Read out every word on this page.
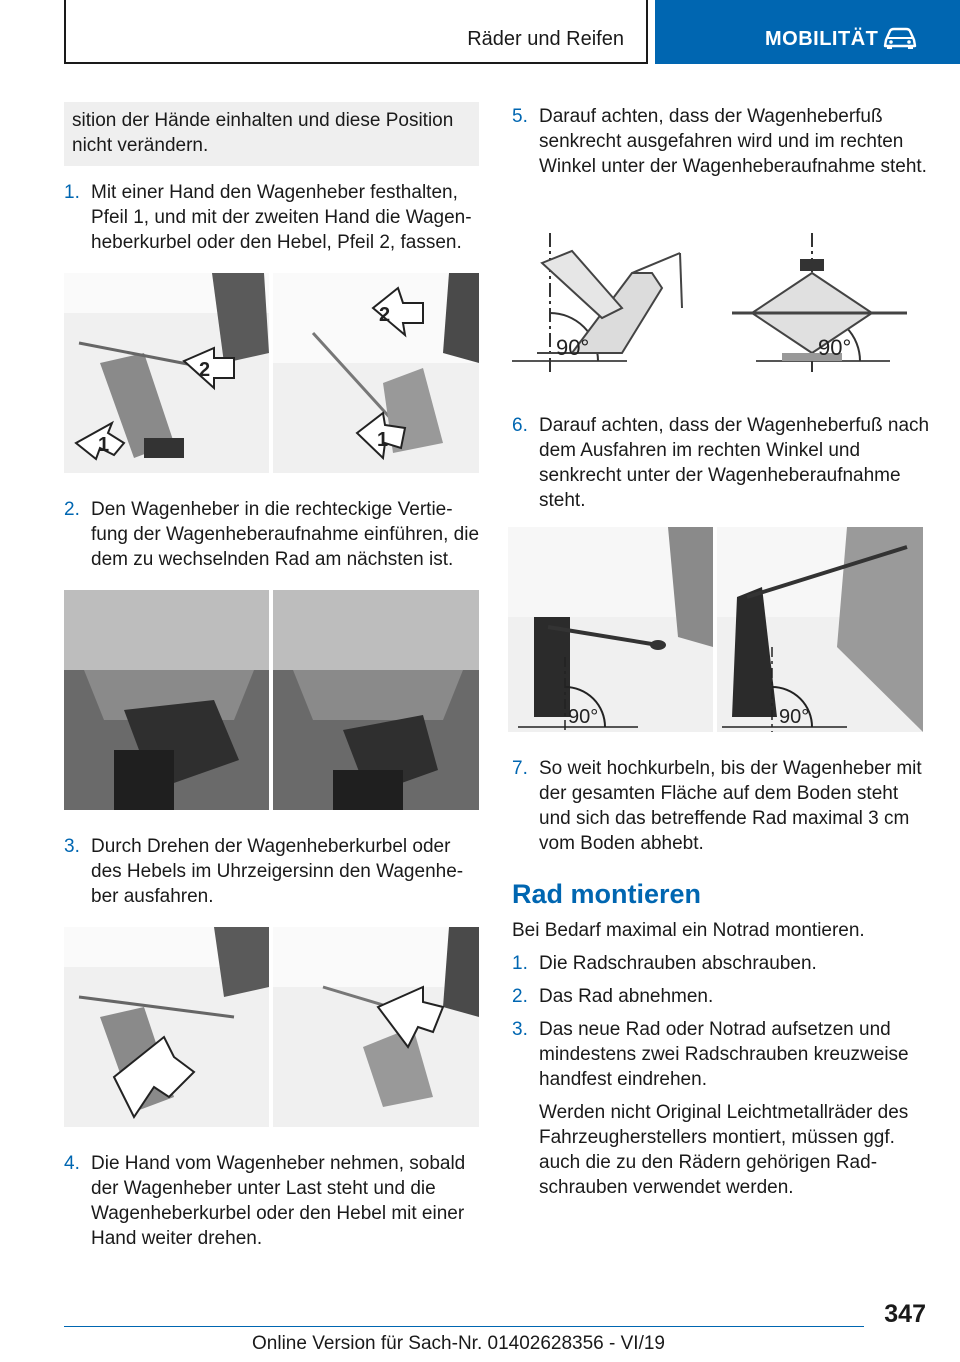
Räder und Reifen	MOBILITÄT
sition der Hände einhalten und diese Position nicht verändern.
1. Mit einer Hand den Wagenheber festhalten, Pfeil 1, und mit der zweiten Hand die Wagenheberkurbel oder den Hebel, Pfeil 2, fassen.
2
1
2
1
2. Den Wagenheber in die rechteckige Vertiefung der Wagenheberaufnahme einführen, die dem zu wechselnden Rad am nächsten ist.
3. Durch Drehen der Wagenheberkurbel oder des Hebels im Uhrzeigersinn den Wagenheber ausfahren.
4. Die Hand vom Wagenheber nehmen, sobald der Wagenheber unter Last steht und die Wagenheberkurbel oder den Hebel mit einer Hand weiter drehen.
5. Darauf achten, dass der Wagenheberfuß senkrecht ausgefahren wird und im rechten Winkel unter der Wagenheberaufnahme steht.
90°	90°
6. Darauf achten, dass der Wagenheberfuß nach dem Ausfahren im rechten Winkel und senkrecht unter der Wagenheberaufnahme steht.
90°	90°
7. So weit hochkurbeln, bis der Wagenheber mit der gesamten Fläche auf dem Boden steht und sich das betreffende Rad maximal 3 cm vom Boden abhebt.
Rad montieren

Bei Bedarf maximal ein Notrad montieren.

1. Die Radschrauben abschrauben.
2. Das Rad abnehmen.
3. Das neue Rad oder Notrad aufsetzen und mindestens zwei Radschrauben kreuzweise handfest eindrehen.

Werden nicht Original Leichtmetallräder des Fahrzeugherstellers montiert, müssen ggf. auch die zu den Rädern gehörigen Radschrauben verwendet werden.

347
Online Version für Sach-Nr. 01402628356 - VI/19
